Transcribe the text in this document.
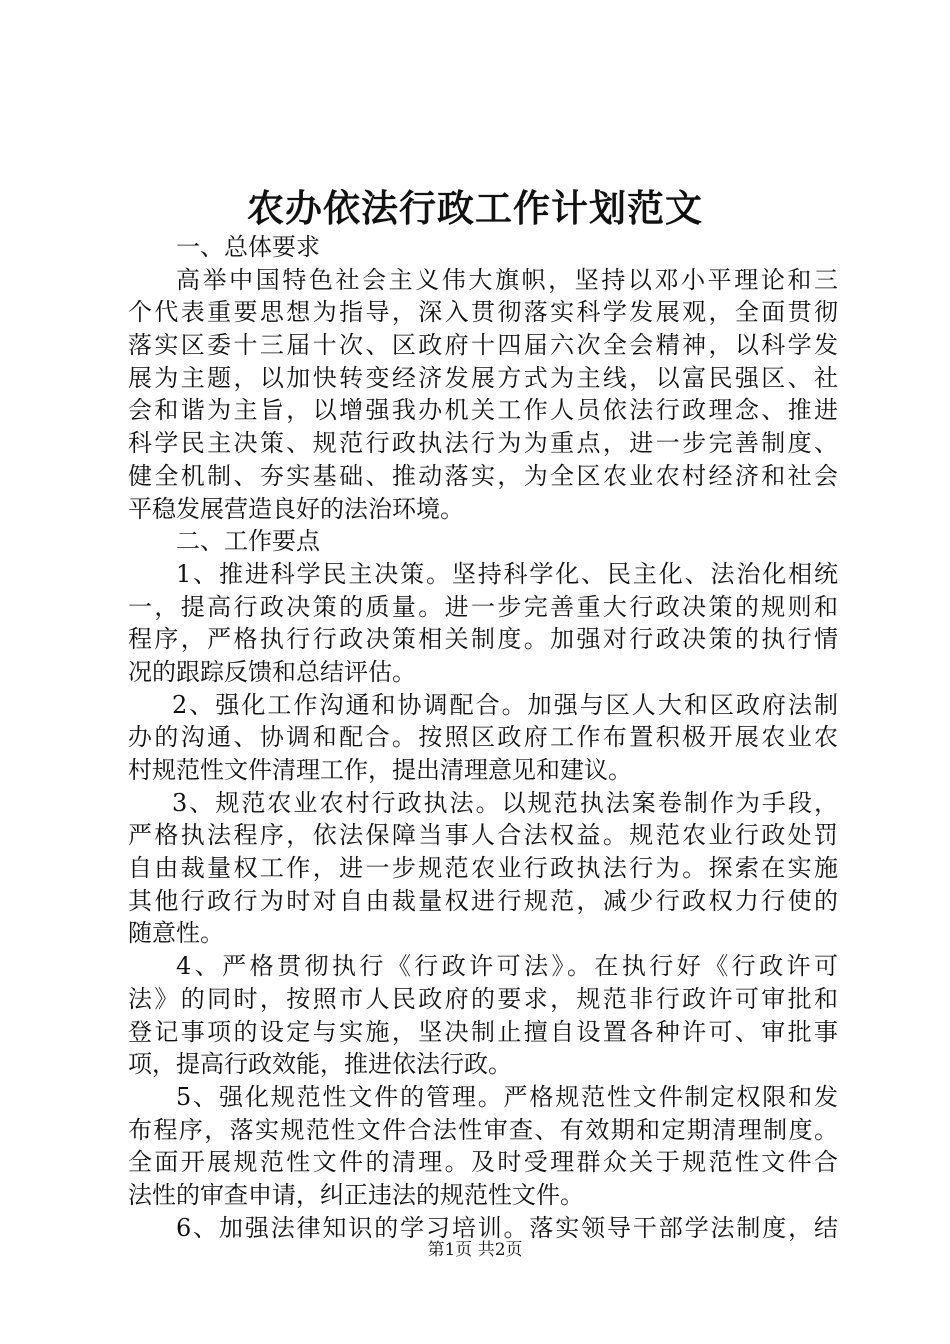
农办依法行政工作计划范文
一、总体要求
高举中国特色社会主义伟大旗帜，坚持以邓小平理论和三
个代表重要思想为指导，深入贯彻落实科学发展观，全面贯彻
落实区委十三届十次、区政府十四届六次全会精神，以科学发
展为主题，以加快转变经济发展方式为主线，以富民强区、社
会和谐为主旨，以增强我办机关工作人员依法行政理念、推进
科学民主决策、规范行政执法行为为重点，进一步完善制度、
健全机制、夯实基础、推动落实，为全区农业农村经济和社会
平稳发展营造良好的法治环境。
二、工作要点
1、推进科学民主决策。坚持科学化、民主化、法治化相统
一，提高行政决策的质量。进一步完善重大行政决策的规则和
程序，严格执行行政决策相关制度。加强对行政决策的执行情
况的跟踪反馈和总结评估。
2、强化工作沟通和协调配合。加强与区人大和区政府法制
办的沟通、协调和配合。按照区政府工作布置积极开展农业农
村规范性文件清理工作，提出清理意见和建议。
3、规范农业农村行政执法。以规范执法案卷制作为手段，
严格执法程序，依法保障当事人合法权益。规范农业行政处罚
自由裁量权工作，进一步规范农业行政执法行为。探索在实施
其他行政行为时对自由裁量权进行规范，减少行政权力行使的
随意性。
4、严格贯彻执行《行政许可法》。在执行好《行政许可
法》的同时，按照市人民政府的要求，规范非行政许可审批和
登记事项的设定与实施，坚决制止擅自设置各种许可、审批事
项，提高行政效能，推进依法行政。
5、强化规范性文件的管理。严格规范性文件制定权限和发
布程序，落实规范性文件合法性审查、有效期和定期清理制度。
全面开展规范性文件的清理。及时受理群众关于规范性文件合
法性的审查申请，纠正违法的规范性文件。
6、加强法律知识的学习培训。落实领导干部学法制度，结
第1页 共2页
